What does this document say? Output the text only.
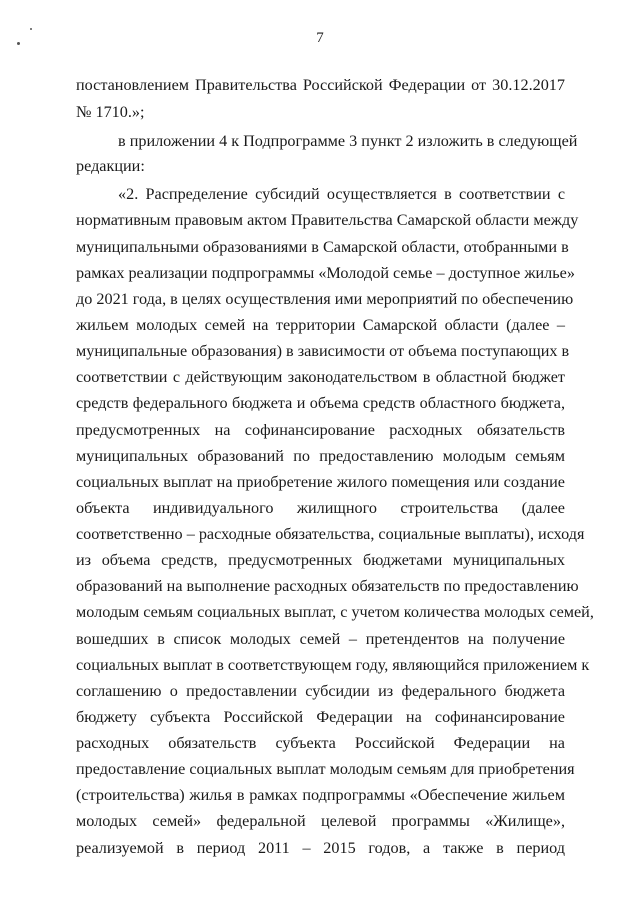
7
постановлением Правительства Российской Федерации от 30.12.2017
№ 1710.»;
в приложении 4 к Подпрограмме 3 пункт 2 изложить в следующей
редакции:
«2. Распределение субсидий осуществляется в соответствии с
нормативным правовым актом Правительства Самарской области между
муниципальными образованиями в Самарской области, отобранными в
рамках реализации подпрограммы «Молодой семье – доступное жилье»
до 2021 года, в целях осуществления ими мероприятий по обеспечению
жильем молодых семей на территории Самарской области (далее –
муниципальные образования) в зависимости от объема поступающих в
соответствии с действующим законодательством в областной бюджет
средств федерального бюджета и объема средств областного бюджета,
предусмотренных на софинансирование расходных обязательств
муниципальных образований по предоставлению молодым семьям
социальных выплат на приобретение жилого помещения или создание
объекта индивидуального жилищного строительства (далее
соответственно – расходные обязательства, социальные выплаты), исходя
из объема средств, предусмотренных бюджетами муниципальных
образований на выполнение расходных обязательств по предоставлению
молодым семьям социальных выплат, с учетом количества молодых семей,
вошедших в список молодых семей – претендентов на получение
социальных выплат в соответствующем году, являющийся приложением к
соглашению о предоставлении субсидии из федерального бюджета
бюджету субъекта Российской Федерации на софинансирование
расходных обязательств субъекта Российской Федерации на
предоставление социальных выплат молодым семьям для приобретения
(строительства) жилья в рамках подпрограммы «Обеспечение жильем
молодых семей» федеральной целевой программы «Жилище»,
реализуемой в период 2011 – 2015 годов, а также в период
